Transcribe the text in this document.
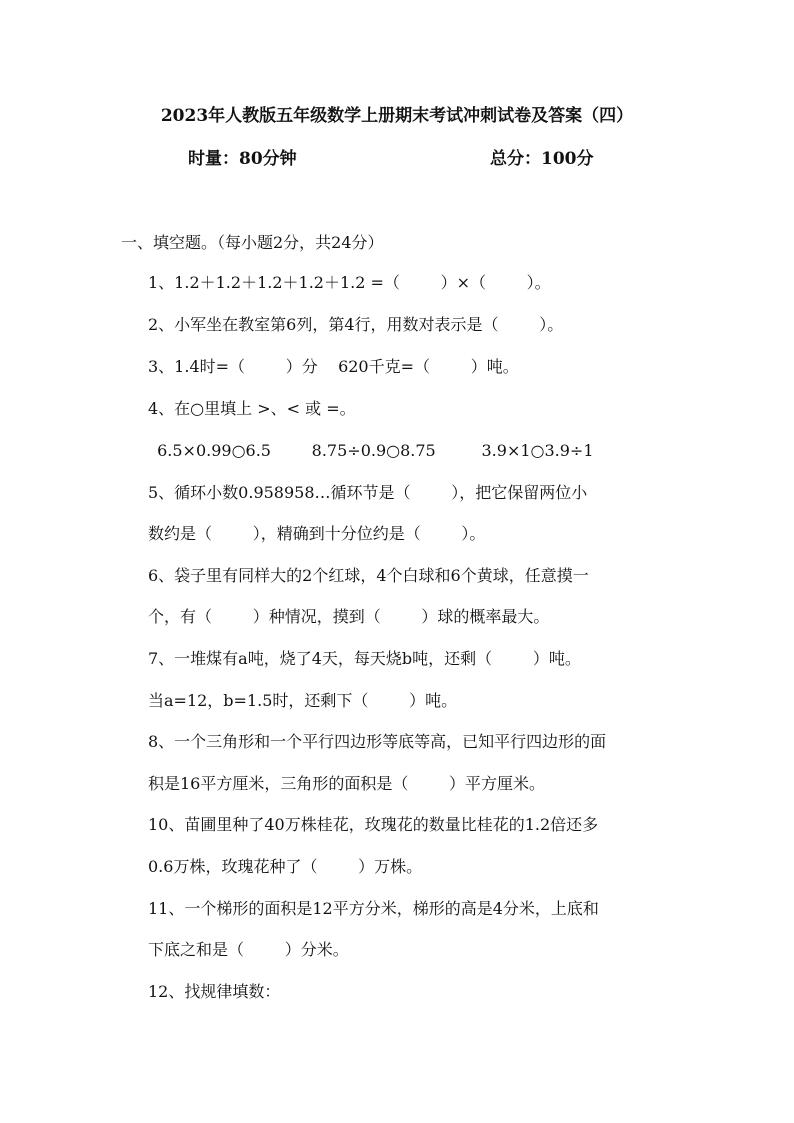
2023年人教版五年级数学上册期末考试冲刺试卷及答案（四）
时量：80分钟	总分：100分
一、填空题。（每小题2分，共24分）
1、1.2＋1.2＋1.2＋1.2＋1.2 =（        ）×（        ）。
2、小军坐在教室第6列，第4行，用数对表示是（        ）。
3、1.4时=（        ）分    620千克=（        ）吨。
4、在○里填上 >、< 或 =。
6.5×0.99○6.5        8.75÷0.9○8.75         3.9×1○3.9÷1
5、循环小数0.958958…循环节是（        ），把它保留两位小
数约是（        ），精确到十分位约是（        ）。
6、袋子里有同样大的2个红球，4个白球和6个黄球，任意摸一
个，有（        ）种情况，摸到（        ）球的概率最大。
7、一堆煤有a吨，烧了4天，每天烧b吨，还剩（        ）吨。
当a=12，b=1.5时，还剩下（        ）吨。
8、一个三角形和一个平行四边形等底等高，已知平行四边形的面
积是16平方厘米，三角形的面积是（        ）平方厘米。
10、苗圃里种了40万株桂花，玫瑰花的数量比桂花的1.2倍还多
0.6万株，玫瑰花种了（        ）万株。
11、一个梯形的面积是12平方分米，梯形的高是4分米，上底和
下底之和是（        ）分米。
12、找规律填数：
